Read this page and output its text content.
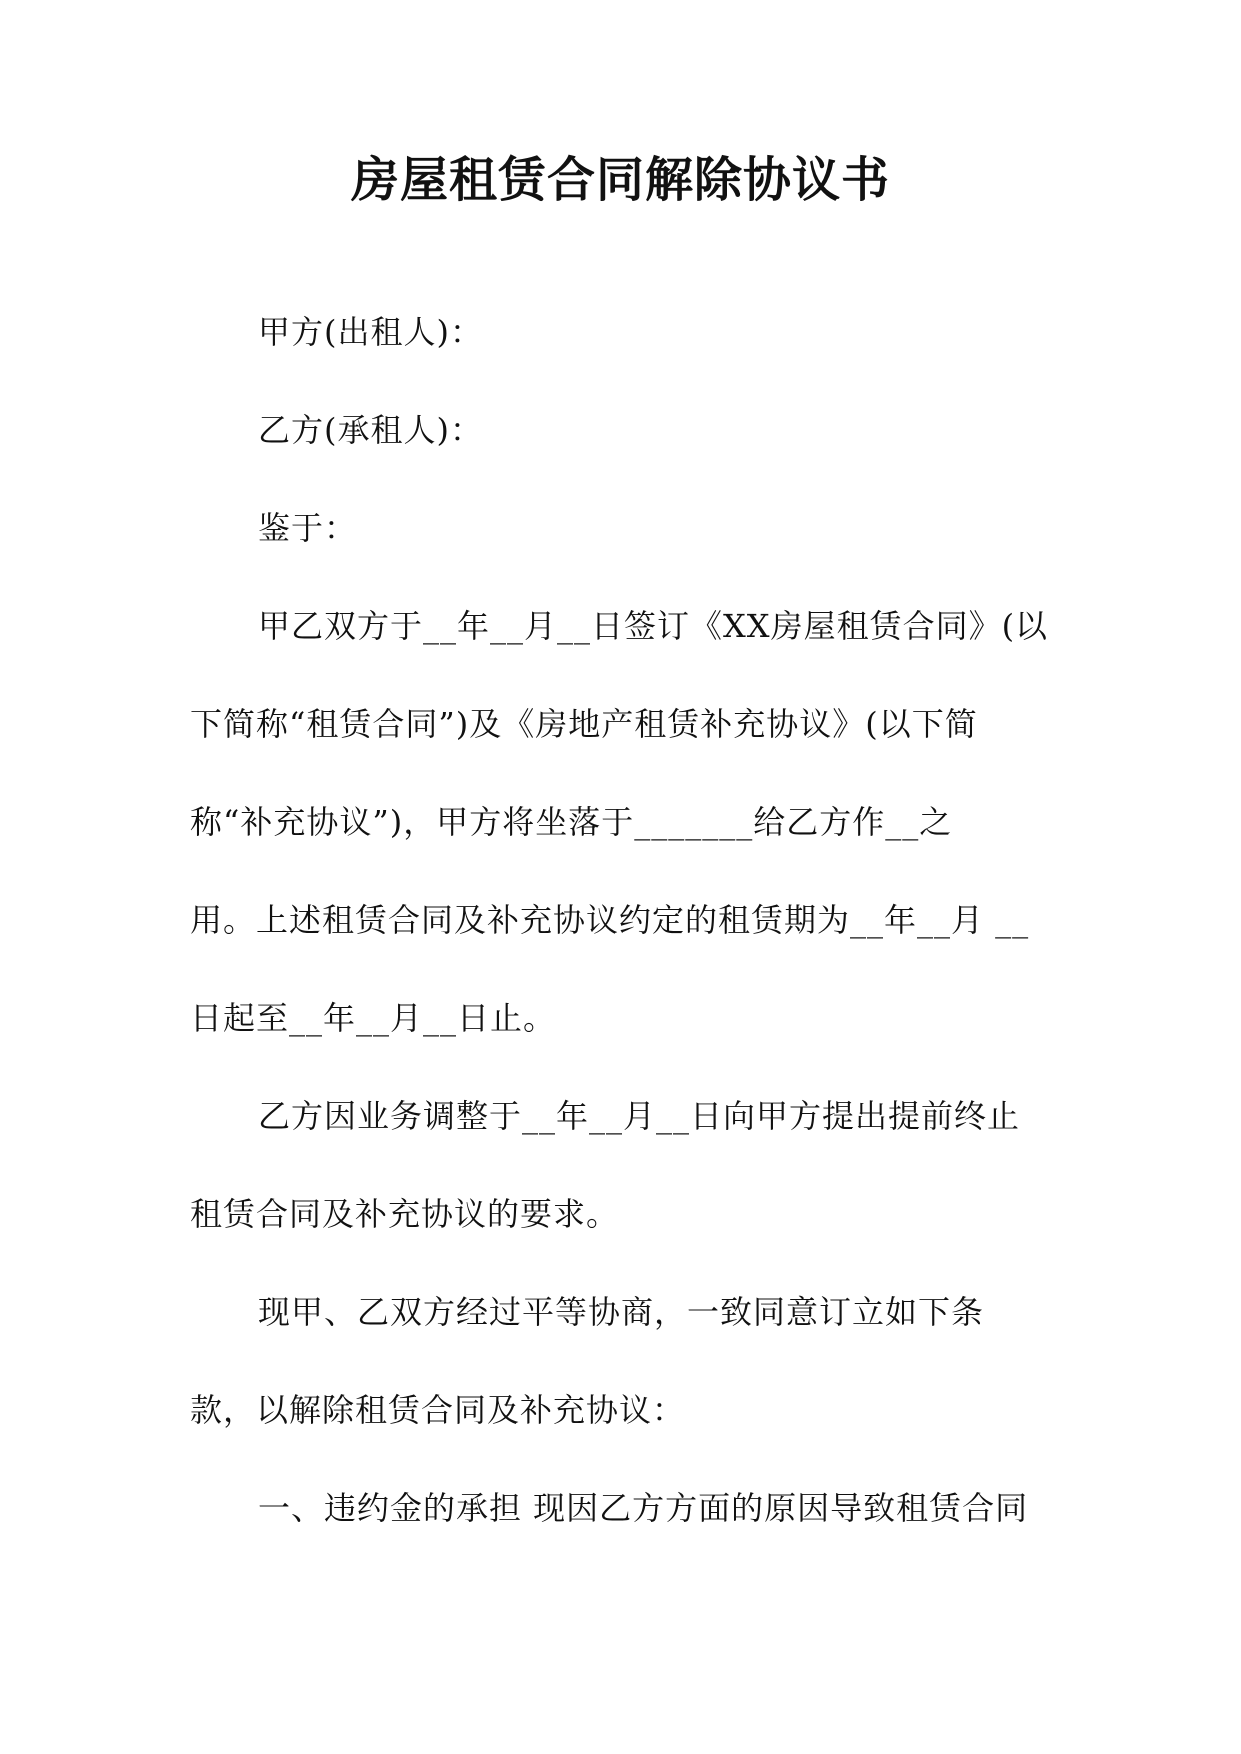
房屋租赁合同解除协议书
甲方(出租人)：
乙方(承租人)：
鉴于：
甲乙双方于__年__月__日签订《XX房屋租赁合同》(以
下简称“租赁合同”)及《房地产租赁补充协议》(以下简
称“补充协议”)，甲方将坐落于_______给乙方作__之
用。上述租赁合同及补充协议约定的租赁期为__年__月 __
日起至__年__月__日止。
乙方因业务调整于__年__月__日向甲方提出提前终止
租赁合同及补充协议的要求。
现甲、乙双方经过平等协商，一致同意订立如下条
款，以解除租赁合同及补充协议：
一、违约金的承担 现因乙方方面的原因导致租赁合同
